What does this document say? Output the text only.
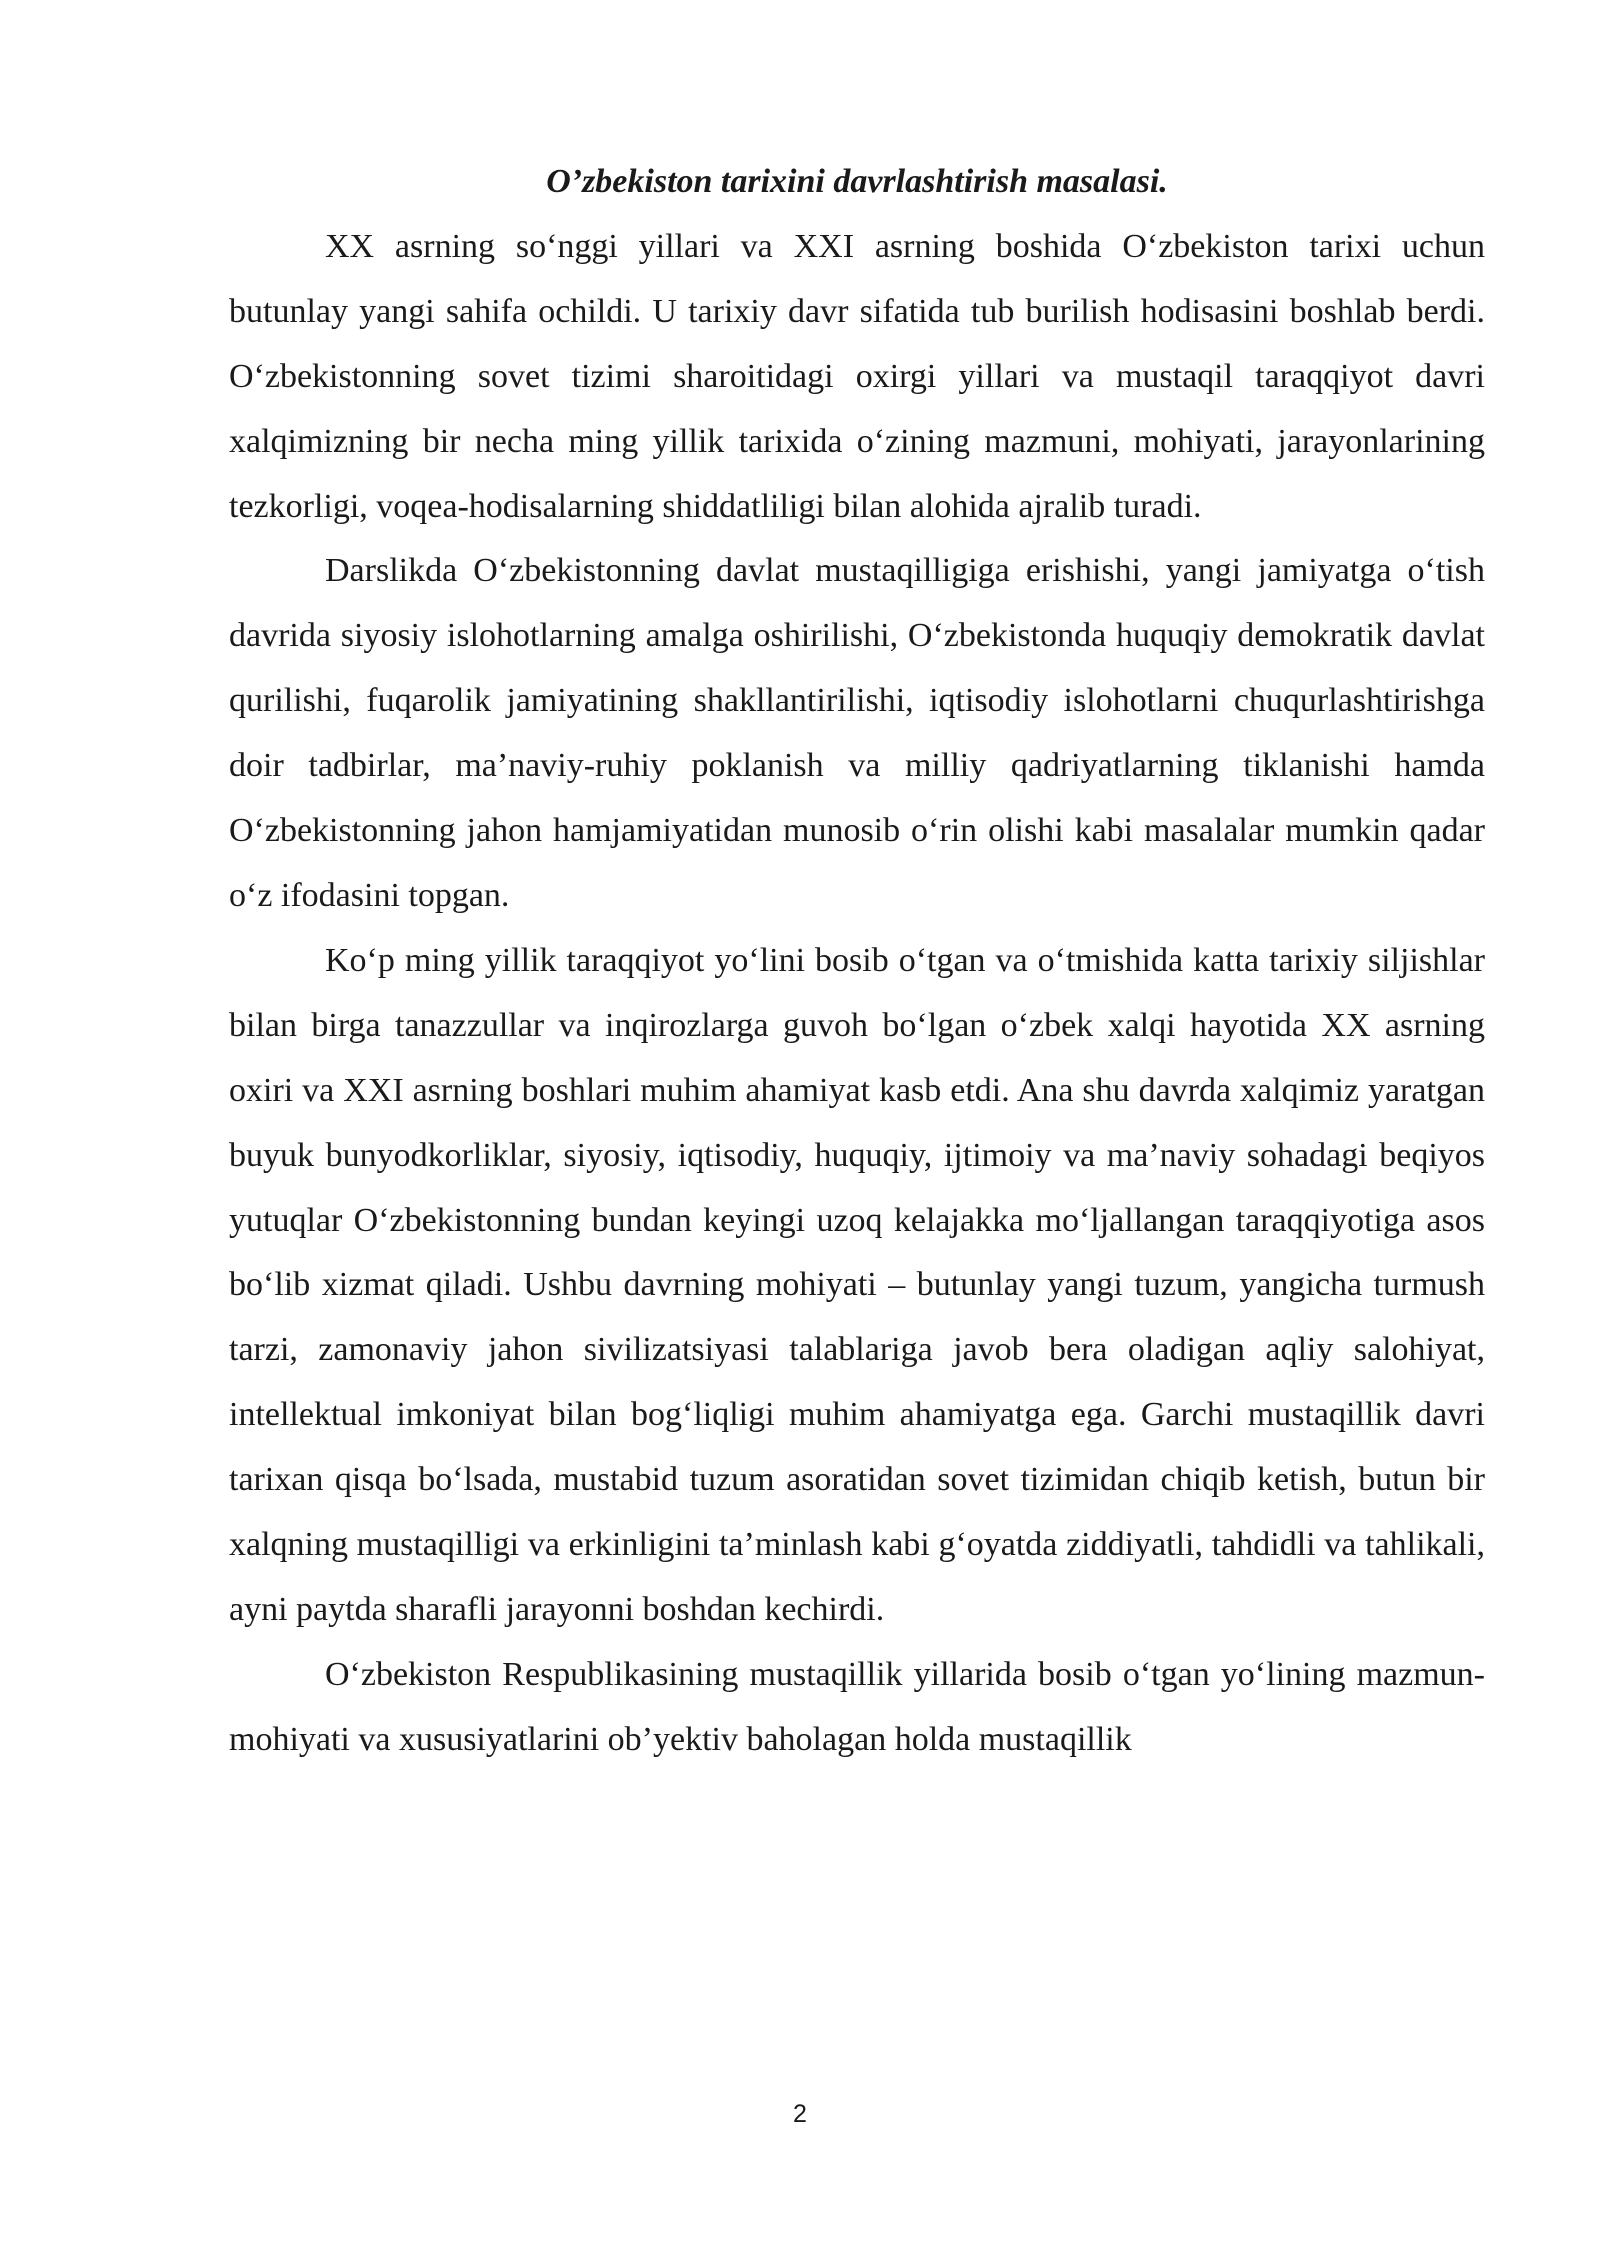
O’zbekiston tarixini davrlashtirish masalasi.

XX asrning so‘nggi yillari va XXI asrning boshida O‘zbekiston tarixi uchun butunlay yangi sahifa ochildi. U tarixiy davr sifatida tub burilish hodisasini boshlab berdi. O‘zbekistonning sovet tizimi sharoitidagi oxirgi yillari va mustaqil taraqqiyot davri xalqimizning bir necha ming yillik tarixida o‘zining mazmuni, mohiyati, jarayonlarining tezkorligi, voqea-hodisalarning shiddatliligi bilan alohida ajralib turadi.

Darslikda O‘zbekistonning davlat mustaqilligiga erishishi, yangi jamiyatga o‘tish davrida siyosiy islohotlarning amalga oshirilishi, O‘zbekistonda huquqiy demokratik davlat qurilishi, fuqarolik jamiyatining shakllantirilishi, iqtisodiy islohotlarni chuqurlashtirishga doir tadbirlar, ma’naviy-ruhiy poklanish va milliy qadriyatlarning tiklanishi hamda O‘zbekistonning jahon hamjamiyatidan munosib o‘rin olishi kabi masalalar mumkin qadar o‘z ifodasini topgan.

Ko‘p ming yillik taraqqiyot yo‘lini bosib o‘tgan va o‘tmishida katta tarixiy siljishlar bilan birga tanazzullar va inqirozlarga guvoh bo‘lgan o‘zbek xalqi hayotida XX asrning oxiri va XXI asrning boshlari muhim ahamiyat kasb etdi. Ana shu davrda xalqimiz yaratgan buyuk bunyodkorliklar, siyosiy, iqtisodiy, huquqiy, ijtimoiy va ma’naviy sohadagi beqiyos yutuqlar O‘zbekistonning bundan keyingi uzoq kelajakka mo‘ljallangan taraqqiyotiga asos bo‘lib xizmat qiladi. Ushbu davrning mohiyati – butunlay yangi tuzum, yangicha turmush tarzi, zamonaviy jahon sivilizatsiyasi talablariga javob bera oladigan aqliy salohiyat, intellektual imkoniyat bilan bog‘liqligi muhim ahamiyatga ega. Garchi mustaqillik davri tarixan qisqa bo‘lsada, mustabid tuzum asoratidan sovet tizimidan chiqib ketish, butun bir xalqning mustaqilligi va erkinligini ta’minlash kabi g‘oyatda ziddiyatli, tahdidli va tahlikali, ayni paytda sharafli jarayonni boshdan kechirdi.

O‘zbekiston Respublikasining mustaqillik yillarida bosib o‘tgan yo‘lining mazmun-mohiyati va xususiyatlarini ob’yektiv baholagan holda mustaqillik

2
